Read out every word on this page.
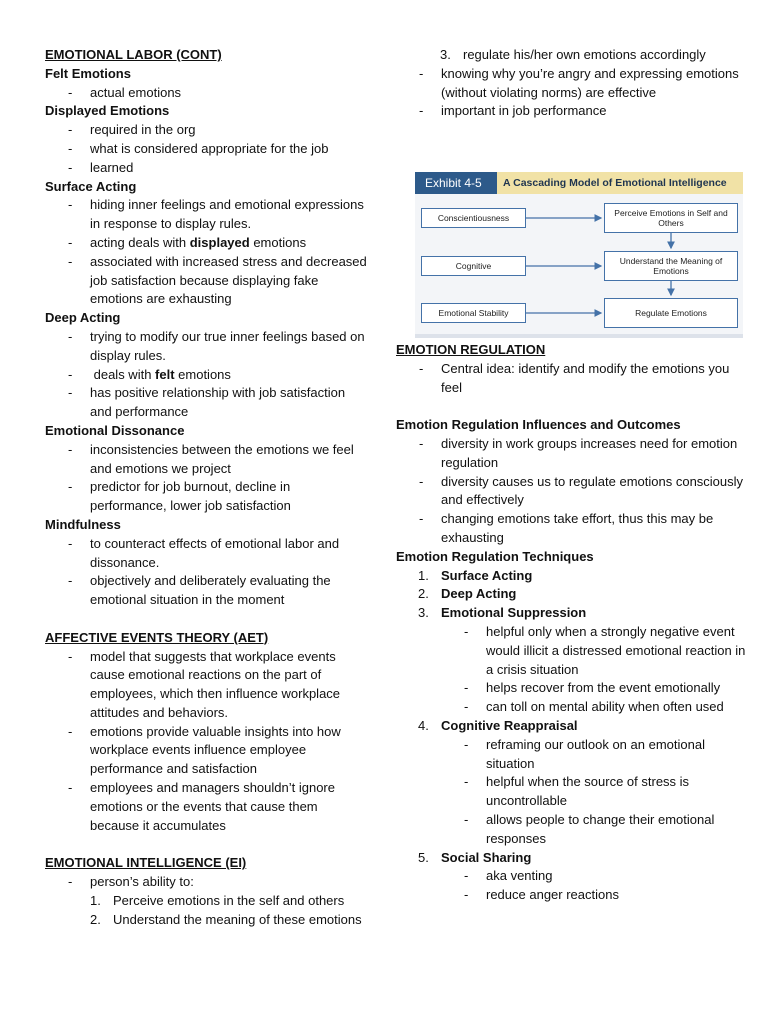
EMOTIONAL LABOR (CONT)
Felt Emotions
- actual emotions
Displayed Emotions
- required in the org
- what is considered appropriate for the job
- learned
Surface Acting
- hiding inner feelings and emotional expressions in response to display rules.
- acting deals with displayed emotions
- associated with increased stress and decreased job satisfaction because displaying fake emotions are exhausting
Deep Acting
- trying to modify our true inner feelings based on display rules.
-  deals with felt emotions
- has positive relationship with job satisfaction and performance
Emotional Dissonance
- inconsistencies between the emotions we feel and emotions we project
- predictor for job burnout, decline in performance, lower job satisfaction
Mindfulness
- to counteract effects of emotional labor and dissonance.
- objectively and deliberately evaluating the emotional situation in the moment
AFFECTIVE EVENTS THEORY (AET)
- model that suggests that workplace events cause emotional reactions on the part of employees, which then influence workplace attitudes and behaviors.
- emotions provide valuable insights into how workplace events influence employee performance and satisfaction
- employees and managers shouldn’t ignore emotions or the events that cause them because it accumulates
EMOTIONAL INTELLIGENCE (EI)
- person’s ability to:
1. Perceive emotions in the self and others
2. Understand the meaning of these emotions
3. regulate his/her own emotions accordingly
- knowing why you’re angry and expressing emotions (without violating norms) are effective
- important in job performance
Exhibit 4-5	A Cascading Model of Emotional Intelligence
Conscientiousness
Cognitive
Emotional Stability
Perceive Emotions in Self and Others
Understand the Meaning of Emotions
Regulate Emotions
EMOTION REGULATION
- Central idea: identify and modify the emotions you feel
Emotion Regulation Influences and Outcomes
- diversity in work groups increases need for emotion regulation
- diversity causes us to regulate emotions consciously and effectively
- changing emotions take effort, thus this may be exhausting
Emotion Regulation Techniques
1. Surface Acting
2. Deep Acting
3. Emotional Suppression
- helpful only when a strongly negative event would illicit a distressed emotional reaction in a crisis situation
- helps recover from the event emotionally
- can toll on mental ability when often used
4. Cognitive Reappraisal
- reframing our outlook on an emotional situation
- helpful when the source of stress is uncontrollable
- allows people to change their emotional responses
5. Social Sharing
- aka venting
- reduce anger reactions
